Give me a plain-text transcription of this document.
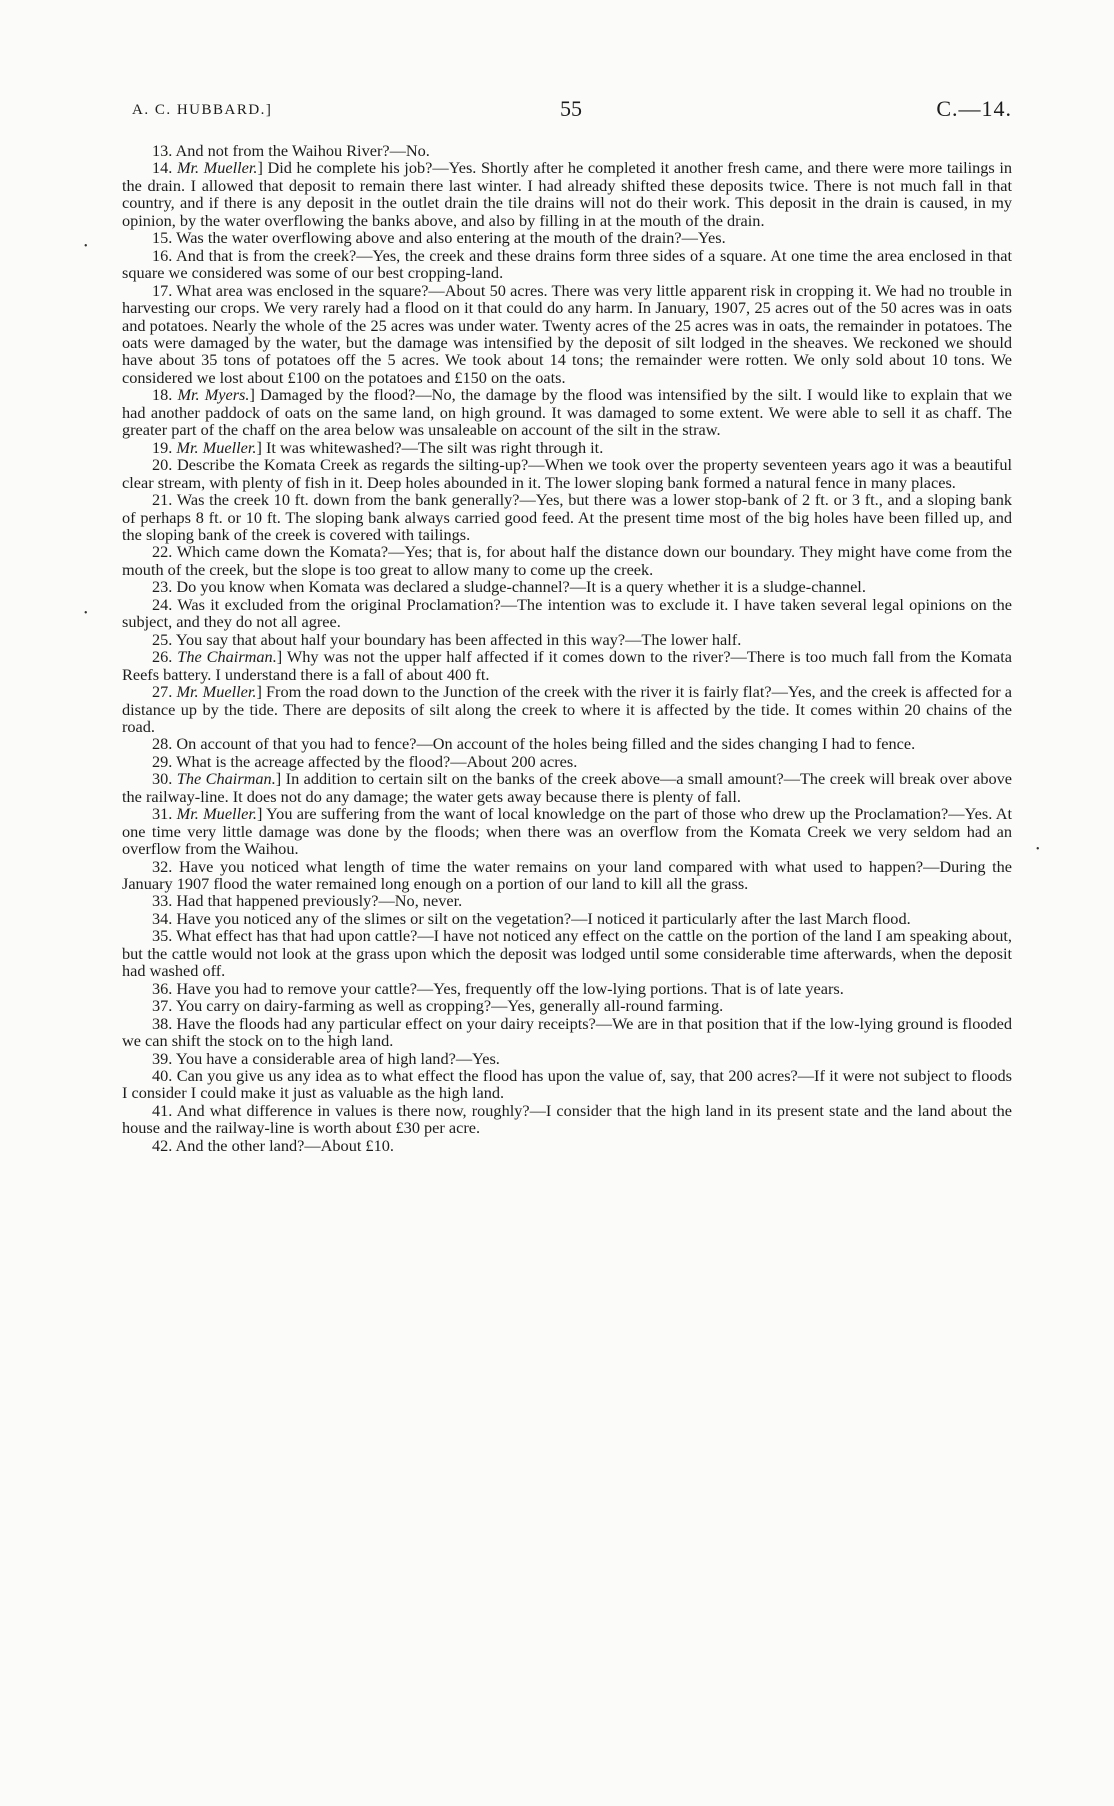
A. C. HUBBARD.]	55	C.—14.
•
•
•

13. And not from the Waihou River?—No.

14. Mr. Mueller.] Did he complete his job?—Yes. Shortly after he completed it another fresh came, and there were more tailings in the drain. I allowed that deposit to remain there last winter. I had already shifted these deposits twice. There is not much fall in that country, and if there is any deposit in the outlet drain the tile drains will not do their work. This deposit in the drain is caused, in my opinion, by the water overflowing the banks above, and also by filling in at the mouth of the drain.

15. Was the water overflowing above and also entering at the mouth of the drain?—Yes.

16. And that is from the creek?—Yes, the creek and these drains form three sides of a square. At one time the area enclosed in that square we considered was some of our best cropping-land.

17. What area was enclosed in the square?—About 50 acres. There was very little apparent risk in cropping it. We had no trouble in harvesting our crops. We very rarely had a flood on it that could do any harm. In January, 1907, 25 acres out of the 50 acres was in oats and potatoes. Nearly the whole of the 25 acres was under water. Twenty acres of the 25 acres was in oats, the remainder in potatoes. The oats were damaged by the water, but the damage was intensified by the deposit of silt lodged in the sheaves. We reckoned we should have about 35 tons of potatoes off the 5 acres. We took about 14 tons; the remainder were rotten. We only sold about 10 tons. We considered we lost about £100 on the potatoes and £150 on the oats.

18. Mr. Myers.] Damaged by the flood?—No, the damage by the flood was intensified by the silt. I would like to explain that we had another paddock of oats on the same land, on high ground. It was damaged to some extent. We were able to sell it as chaff. The greater part of the chaff on the area below was unsaleable on account of the silt in the straw.

19. Mr. Mueller.] It was whitewashed?—The silt was right through it.

20. Describe the Komata Creek as regards the silting-up?—When we took over the property seventeen years ago it was a beautiful clear stream, with plenty of fish in it. Deep holes abounded in it. The lower sloping bank formed a natural fence in many places.

21. Was the creek 10 ft. down from the bank generally?—Yes, but there was a lower stop-bank of 2 ft. or 3 ft., and a sloping bank of perhaps 8 ft. or 10 ft. The sloping bank always carried good feed. At the present time most of the big holes have been filled up, and the sloping bank of the creek is covered with tailings.

22. Which came down the Komata?—Yes; that is, for about half the distance down our boundary. They might have come from the mouth of the creek, but the slope is too great to allow many to come up the creek.

23. Do you know when Komata was declared a sludge-channel?—It is a query whether it is a sludge-channel.

24. Was it excluded from the original Proclamation?—The intention was to exclude it. I have taken several legal opinions on the subject, and they do not all agree.

25. You say that about half your boundary has been affected in this way?—The lower half.

26. The Chairman.] Why was not the upper half affected if it comes down to the river?—There is too much fall from the Komata Reefs battery. I understand there is a fall of about 400 ft.

27. Mr. Mueller.] From the road down to the Junction of the creek with the river it is fairly flat?—Yes, and the creek is affected for a distance up by the tide. There are deposits of silt along the creek to where it is affected by the tide. It comes within 20 chains of the road.

28. On account of that you had to fence?—On account of the holes being filled and the sides changing I had to fence.

29. What is the acreage affected by the flood?—About 200 acres.

30. The Chairman.] In addition to certain silt on the banks of the creek above—a small amount?—The creek will break over above the railway-line. It does not do any damage; the water gets away because there is plenty of fall.

31. Mr. Mueller.] You are suffering from the want of local knowledge on the part of those who drew up the Proclamation?—Yes. At one time very little damage was done by the floods; when there was an overflow from the Komata Creek we very seldom had an overflow from the Waihou.

32. Have you noticed what length of time the water remains on your land compared with what used to happen?—During the January 1907 flood the water remained long enough on a portion of our land to kill all the grass.

33. Had that happened previously?—No, never.

34. Have you noticed any of the slimes or silt on the vegetation?—I noticed it particularly after the last March flood.

35. What effect has that had upon cattle?—I have not noticed any effect on the cattle on the portion of the land I am speaking about, but the cattle would not look at the grass upon which the deposit was lodged until some considerable time afterwards, when the deposit had washed off.

36. Have you had to remove your cattle?—Yes, frequently off the low-lying portions. That is of late years.

37. You carry on dairy-farming as well as cropping?—Yes, generally all-round farming.

38. Have the floods had any particular effect on your dairy receipts?—We are in that position that if the low-lying ground is flooded we can shift the stock on to the high land.

39. You have a considerable area of high land?—Yes.

40. Can you give us any idea as to what effect the flood has upon the value of, say, that 200 acres?—If it were not subject to floods I consider I could make it just as valuable as the high land.

41. And what difference in values is there now, roughly?—I consider that the high land in its present state and the land about the house and the railway-line is worth about £30 per acre.

42. And the other land?—About £10.
